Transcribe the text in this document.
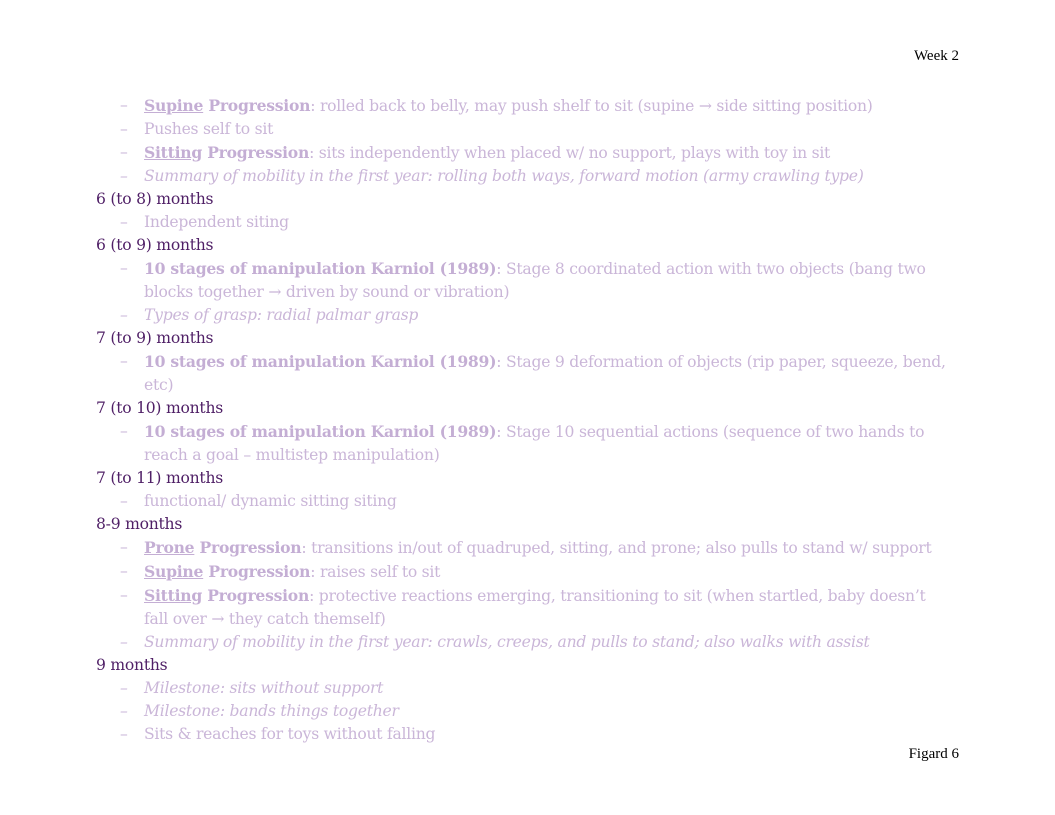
Week 2
– Supine Progression: rolled back to belly, may push shelf to sit (supine → side sitting position)
– Pushes self to sit
– Sitting Progression: sits independently when placed w/ no support, plays with toy in sit
– Summary of mobility in the first year: rolling both ways, forward motion (army crawling type)
6 (to 8) months
– Independent siting
6 (to 9) months
– 10 stages of manipulation Karniol (1989): Stage 8 coordinated action with two objects (bang two blocks together → driven by sound or vibration)
– Types of grasp: radial palmar grasp
7 (to 9) months
– 10 stages of manipulation Karniol (1989): Stage 9 deformation of objects (rip paper, squeeze, bend, etc)
7 (to 10) months
– 10 stages of manipulation Karniol (1989): Stage 10 sequential actions (sequence of two hands to reach a goal – multistep manipulation)
7 (to 11) months
– functional/ dynamic sitting siting
8-9 months
– Prone Progression: transitions in/out of quadruped, sitting, and prone; also pulls to stand w/ support
– Supine Progression: raises self to sit
– Sitting Progression: protective reactions emerging, transitioning to sit (when startled, baby doesn’t fall over → they catch themself)
– Summary of mobility in the first year: crawls, creeps, and pulls to stand; also walks with assist
9 months
– Milestone: sits without support
– Milestone: bands things together
– Sits & reaches for toys without falling
Figard 6
